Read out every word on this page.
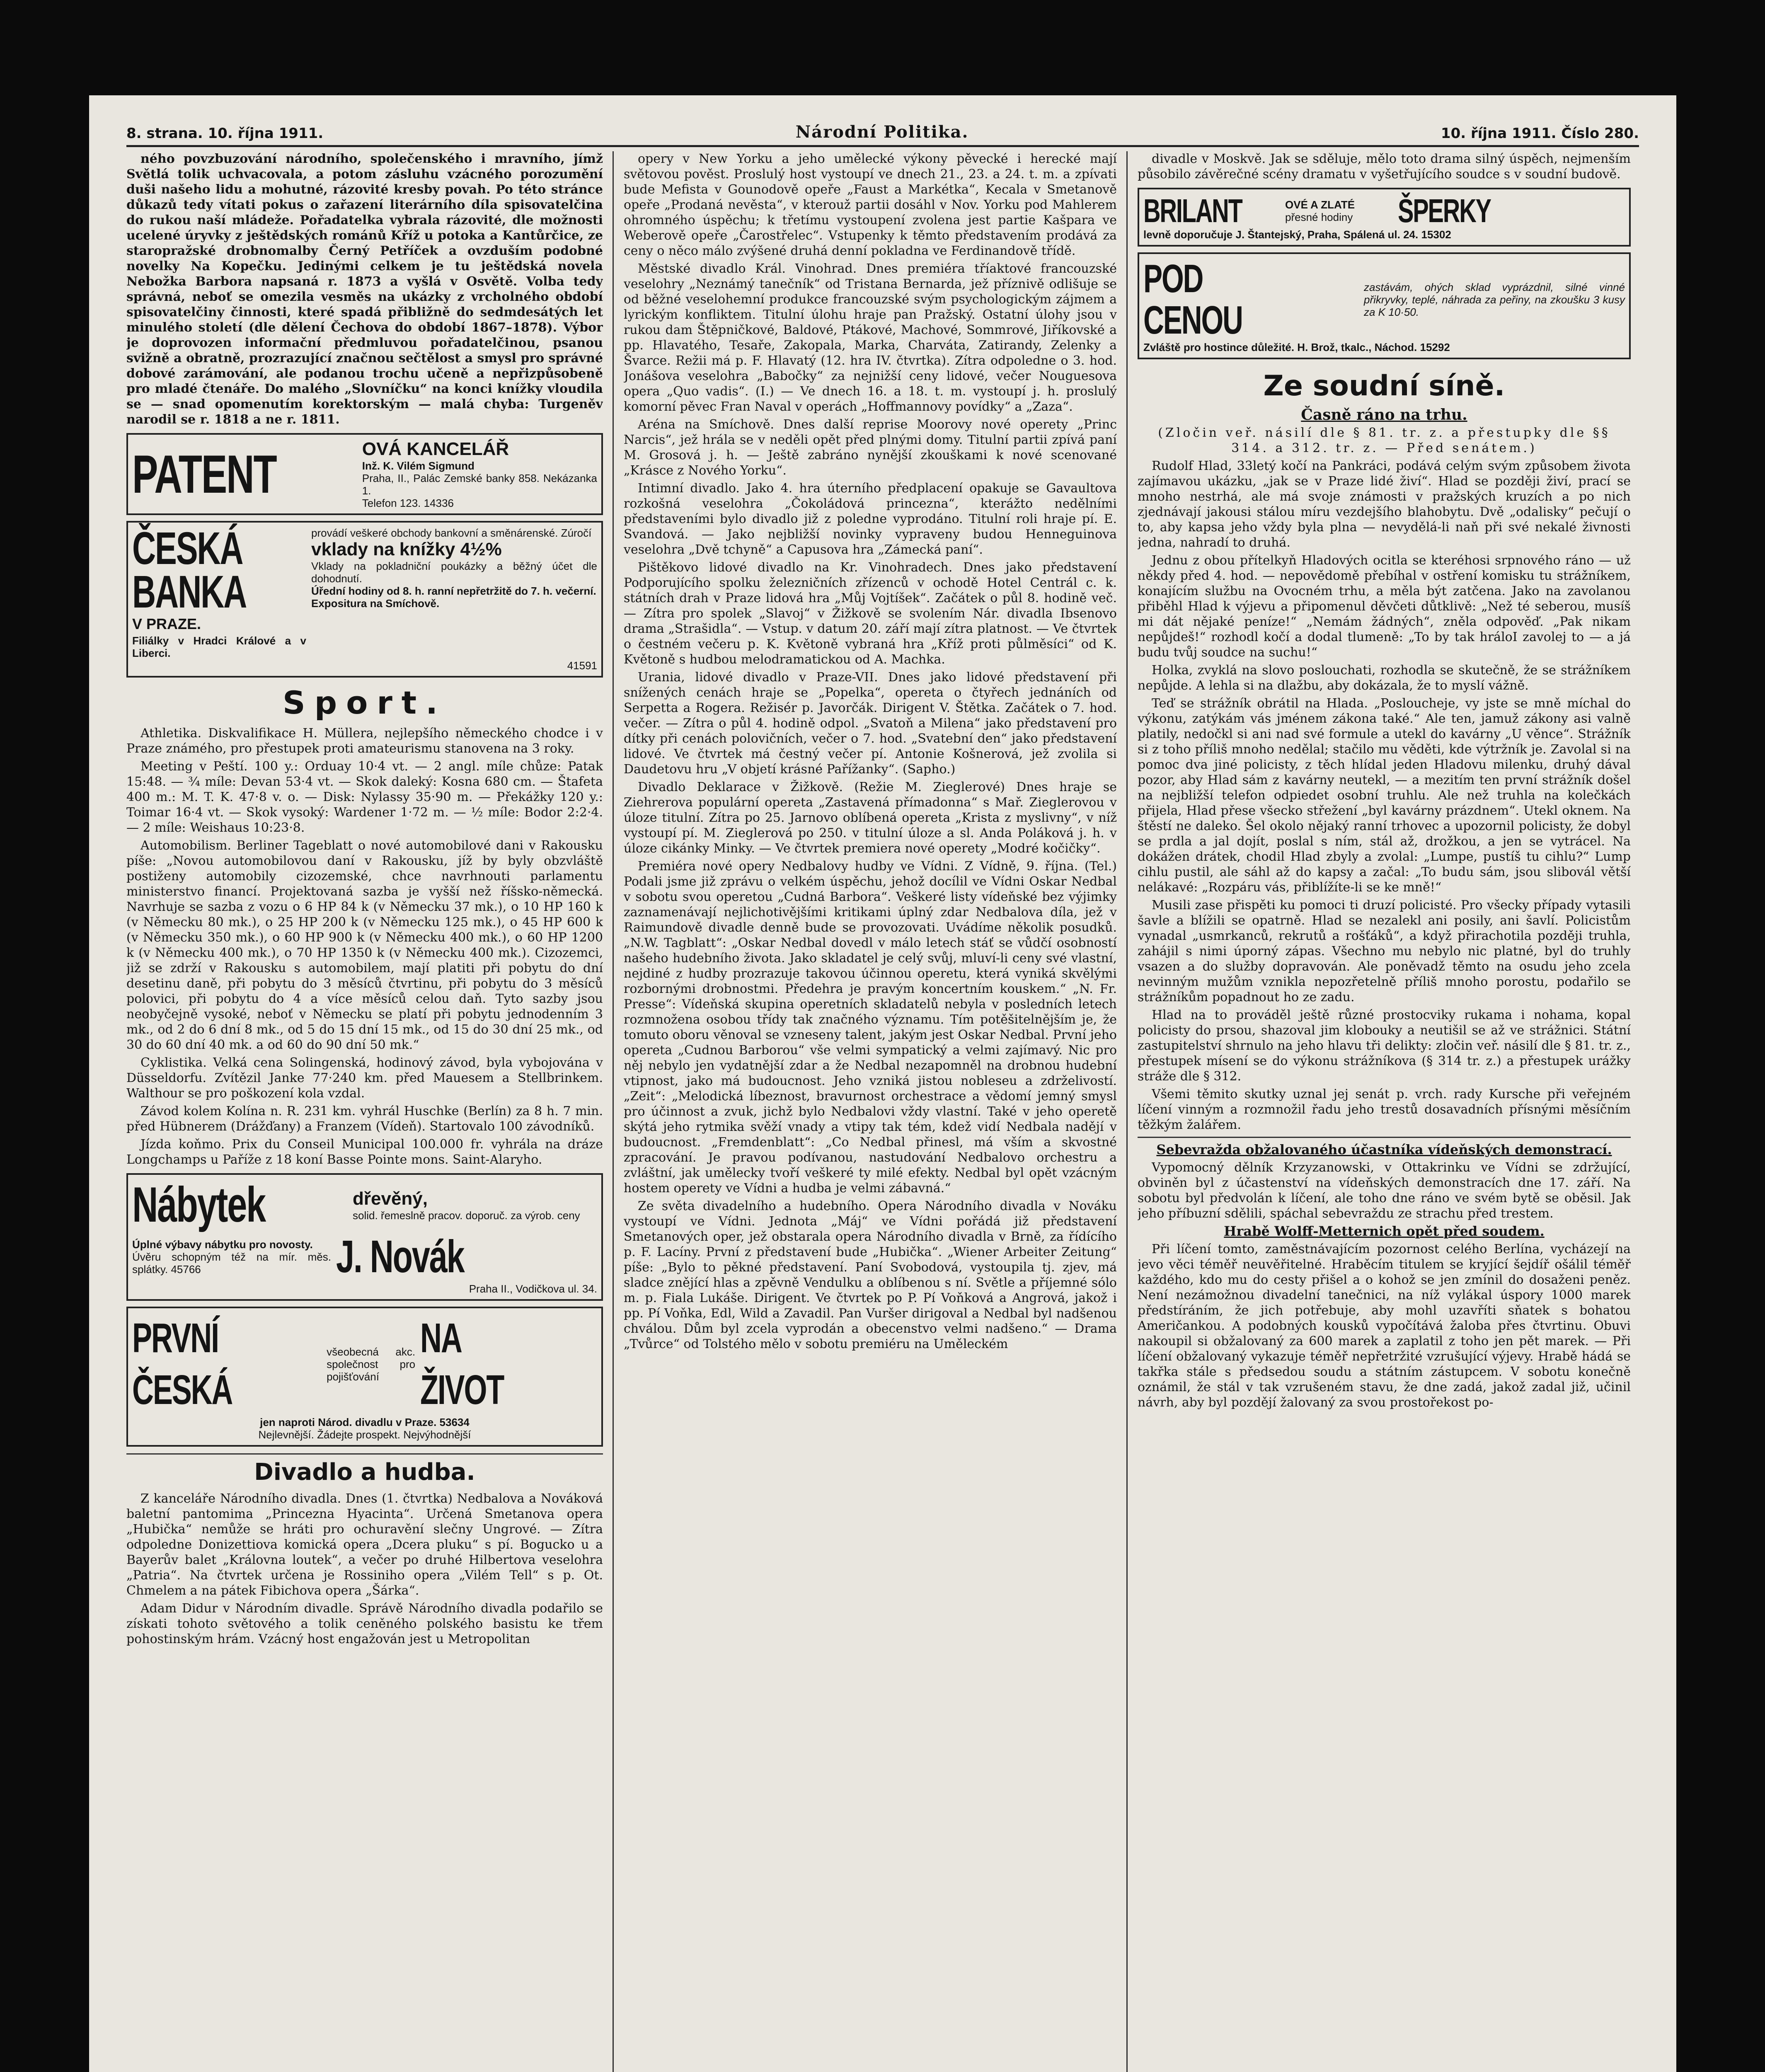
8. strana. 10. října 1911.	Národní Politika.	10. října 1911. Číslo 280.

ného povzbuzování národního, společenského i mravního, jímž Světlá tolik uchvacovala, a potom zásluhu vzácného porozumění duši našeho lidu a mohutné, rázovité kresby povah. Po této stránce důkazů tedy vítati pokus o zařazení literárního díla spisovatelčina do rukou naší mládeže. Pořadatelka vybrala rázovité, dle možnosti ucelené úryvky z ještědských románů Kříž u potoka a Kantůrčice, ze staropražské drobnomalby Černý Petříček a ovzduším podobné novelky Na Kopečku. Jedinými celkem je tu ještědská novela Nebožka Barbora napsaná r. 1873 a vyšlá v Osvětě. Volba tedy správná, neboť se omezila vesměs na ukázky z vrcholného období spisovatelčiny činnosti, které spadá přibližně do sedmdesátých let minulého století (dle dělení Čechova do období 1867–1878). Výbor je doprovozen informační předmluvou pořadatelčinou, psanou svižně a obratně, prozrazující značnou sečtělost a smysl pro správné dobové zarámování, ale podanou trochu učeně a nepřizpůsobeně pro mladé čtenáře. Do malého „Slovníčku“ na konci knížky vloudila se — snad opomenutím korektorským — malá chyba: Turgeněv narodil se r. 1818 a ne r. 1811.

PATENT	OVÁ KANCELÁŘ
Inž. K. Vilém Sigmund
Praha, II., Palác Zemské banky 858. Nekázanka 1.
Telefon 123. 14336
ČESKÁ BANKA
V PRAZE.
Filiálky v Hradci Králové a v Liberci.
provádí veškeré obchody bankovní a směnárenské. Zúročí
vklady na knížky 4½%
Vklady na pokladniční poukázky a běžný účet dle dohodnutí.
Úřední hodiny od 8. h. ranní nepřetržitě do 7. h. večerní.
Expositura na Smíchově.
41591
Sport.

Athletika. Diskvalifikace H. Müllera, nejlepšího německého chodce i v Praze známého, pro přestupek proti amateurismu stanovena na 3 roky.

Meeting v Peští. 100 y.: Orduay 10·4 vt. — 2 angl. míle chůze: Patak 15:48. — ¾ míle: Devan 53·4 vt. — Skok daleký: Kosna 680 cm. — Štafeta 400 m.: M. T. K. 47·8 v. o. — Disk: Nylassy 35·90 m. — Překážky 120 y.: Toimar 16·4 vt. — Skok vysoký: Wardener 1·72 m. — ½ míle: Bodor 2:2·4. — 2 míle: Weishaus 10:23·8.

Automobilism. Berliner Tageblatt o nové automobilové dani v Rakousku píše: „Novou automobilovou daní v Rakousku, jíž by byly obzvláště postiženy automobily cizozemské, chce navrhnouti parlamentu ministerstvo financí. Projektovaná sazba je vyšší než říšsko-německá. Navrhuje se sazba z vozu o 6 HP 84 k (v Německu 37 mk.), o 10 HP 160 k (v Německu 80 mk.), o 25 HP 200 k (v Německu 125 mk.), o 45 HP 600 k (v Německu 350 mk.), o 60 HP 900 k (v Německu 400 mk.), o 60 HP 1200 k (v Německu 400 mk.), o 70 HP 1350 k (v Německu 400 mk.). Cizozemci, již se zdrží v Rakousku s automobilem, mají platiti při pobytu do dní desetinu daně, při pobytu do 3 měsíců čtvrtinu, při pobytu do 3 měsíců polovici, při pobytu do 4 a více měsíců celou daň. Tyto sazby jsou neobyčejně vysoké, neboť v Německu se platí při pobytu jednodenním 3 mk., od 2 do 6 dní 8 mk., od 5 do 15 dní 15 mk., od 15 do 30 dní 25 mk., od 30 do 60 dní 40 mk. a od 60 do 90 dní 50 mk.“

Cyklistika. Velká cena Solingenská, hodinový závod, byla vybojována v Düsseldorfu. Zvítězil Janke 77·240 km. před Mauesem a Stellbrinkem. Walthour se pro poškození kola vzdal.

Závod kolem Kolína n. R. 231 km. vyhrál Huschke (Berlín) za 8 h. 7 min. před Hübnerem (Drážďany) a Franzem (Vídeň). Startovalo 100 závodníků.

Jízda koňmo. Prix du Conseil Municipal 100.000 fr. vyhrála na dráze Longchamps u Paříže z 18 koní Basse Pointe mons. Saint-Alaryho.

Nábytek	dřevěný,
solid. řemeslně pracov. doporuč. za výrob. ceny
Úplné výbavy nábytku pro novosty.
Úvěru schopným též na mír. měs. splátky. 45766	J. Novák
Praha II., Vodičkova ul. 34.
PRVNÍ ČESKÁ
všeobecná akc. společnost pro pojišťování
NA ŽIVOT
jen naproti Národ. divadlu v Praze. 53634
Nejlevnější. Žádejte prospekt. Nejvýhodnější
Divadlo a hudba.

Z kanceláře Národního divadla. Dnes (1. čtvrtka) Nedbalova a Nováková baletní pantomima „Princezna Hyacinta“. Určená Smetanova opera „Hubička“ nemůže se hráti pro ochuravění slečny Ungrové. — Zítra odpoledne Donizettiova komická opera „Dcera pluku“ s pí. Bogucko u a Bayerův balet „Královna loutek“, a večer po druhé Hilbertova veselohra „Patria“. Na čtvrtek určena je Rossiniho opera „Vilém Tell“ s p. Ot. Chmelem a na pátek Fibichova opera „Šárka“.

Adam Didur v Národním divadle. Správě Národního divadla podařilo se získati tohoto světového a tolik ceněného polského basistu ke třem pohostinským hrám. Vzácný host engažován jest u Metropolitan

opery v New Yorku a jeho umělecké výkony pěvecké i herecké mají světovou pověst. Proslulý host vystoupí ve dnech 21., 23. a 24. t. m. a zpívati bude Mefista v Gounodově opeře „Faust a Markétka“, Kecala v Smetanově opeře „Prodaná nevěsta“, v kterouž partii dosáhl v Nov. Yorku pod Mahlerem ohromného úspěchu; k třetímu vystoupení zvolena jest partie Kašpara ve Weberově opeře „Čarostřelec“. Vstupenky k těmto představením prodává za ceny o něco málo zvýšené druhá denní pokladna ve Ferdinandově třídě.

Městské divadlo Král. Vinohrad. Dnes premiéra tříaktové francouzské veselohry „Neznámý tanečník“ od Tristana Bernarda, jež příznivě odlišuje se od běžné veselohemní produkce francouzské svým psychologickým zájmem a lyrickým konfliktem. Titulní úlohu hraje pan Pražský. Ostatní úlohy jsou v rukou dam Štěpničkové, Baldové, Ptákové, Machové, Sommrové, Jiříkovské a pp. Hlavatého, Tesaře, Zakopala, Marka, Charváta, Zatirandy, Zelenky a Švarce. Režii má p. F. Hlavatý (12. hra IV. čtvrtka). Zítra odpoledne o 3. hod. Jonášova veselohra „Babočky“ za nejnižší ceny lidové, večer Nouguesova opera „Quo vadis“. (I.) — Ve dnech 16. a 18. t. m. vystoupí j. h. proslulý komorní pěvec Fran Naval v operách „Hoffmannovy povídky“ a „Zaza“.

Aréna na Smíchově. Dnes další reprise Moorovy nové operety „Princ Narcis“, jež hrála se v neděli opět před plnými domy. Titulní partii zpívá paní M. Grosová j. h. — Ještě zabráno nynější zkouškami k nové scenované „Krásce z Nového Yorku“.

Intimní divadlo. Jako 4. hra úterního předplacení opakuje se Gavaultova rozkošná veselohra „Čokoládová princezna“, kterážto nedělními představeními bylo divadlo již z poledne vyprodáno. Titulní roli hraje pí. E. Svandová. — Jako nejbližší novinky vypraveny budou Henneguinova veselohra „Dvě tchyně“ a Capusova hra „Zámecká paní“.

Pištěkovo lidové divadlo na Kr. Vinohradech. Dnes jako představení Podporujícího spolku železničních zřízenců v ochodě Hotel Centrál c. k. státních drah v Praze lidová hra „Můj Vojtíšek“. Začátek o půl 8. hodině več. — Zítra pro spolek „Slavoj“ v Žižkově se svolením Nár. divadla Ibsenovo drama „Strašidla“. — Vstup. v datum 20. září mají zítra platnost. — Ve čtvrtek o čestném večeru p. K. Květoně vybraná hra „Kříž proti půlměsíci“ od K. Květoně s hudbou melodramatickou od A. Machka.

Urania, lidové divadlo v Praze-VII. Dnes jako lidové představení při snížených cenách hraje se „Popelka“, opereta o čtyřech jednáních od Serpetta a Rogera. Režisér p. Javorčák. Dirigent V. Štětka. Začátek o 7. hod. večer. — Zítra o půl 4. hodině odpol. „Svatoň a Milena“ jako představení pro dítky při cenách polovičních, večer o 7. hod. „Svatební den“ jako představení lidové. Ve čtvrtek má čestný večer pí. Antonie Košnerová, jež zvolila si Daudetovu hru „V objetí krásné Pařížanky“. (Sapho.)

Divadlo Deklarace v Žižkově. (Režie M. Zieglerové) Dnes hraje se Ziehrerova populární opereta „Zastavená přímadonna“ s Mař. Zieglerovou v úloze titulní. Zítra po 25. Jarnovo oblíbená opereta „Krista z myslivny“, v níž vystoupí pí. M. Zieglerová po 250. v titulní úloze a sl. Anda Poláková j. h. v úloze cikánky Minky. — Ve čtvrtek premiera nové operety „Modré kočičky“.

Premiéra nové opery Nedbalovy hudby ve Vídni. Z Vídně, 9. října. (Tel.) Podali jsme již zprávu o velkém úspěchu, jehož docílil ve Vídni Oskar Nedbal v sobotu svou operetou „Cudná Barbora“. Veškeré listy vídeňské bez výjimky zaznamenávají nejlichotivějšími kritikami úplný zdar Nedbalova díla, jež v Raimundově divadle denně bude se provozovati. Uvádíme několik posudků. „N.W. Tagblatt“: „Oskar Nedbal dovedl v málo letech stáť se vůdčí osobností našeho hudebního života. Jako skladatel je celý svůj, mluví-li ceny své vlastní, nejdiné z hudby prozrazuje takovou účinnou operetu, která vyniká skvělými rozbornými drobnostmi. Předehra je pravým koncertním kouskem.“ „N. Fr. Presse“: Vídeňská skupina operetních skladatelů nebyla v posledních letech rozmnožena osobou třídy tak značného významu. Tím potěšitelnějším je, že tomuto oboru věnoval se vzneseny talent, jakým jest Oskar Nedbal. První jeho opereta „Cudnou Barborou“ vše velmi sympatický a velmi zajímavý. Nic pro něj nebylo jen vydatnější zdar a že Nedbal nezapomněl na drobnou hudební vtipnost, jako má budoucnost. Jeho vzniká jistou nobleseu a zdrželivostí. „Zeit“: „Melodická líbeznost, bravurnost orchestrace a vědomí jemný smysl pro účinnost a zvuk, jichž bylo Nedbalovi vždy vlastní. Také v jeho operetě skýtá jeho rytmika svěží vnady a vtipy tak tém, kdež vidí Nedbala nadějí v budoucnost. „Fremdenblatt“: „Co Nedbal přinesl, má vším a skvostné zpracování. Je pravou podívanou, nastudování Nedbalovo orchestru a zvláštní, jak umělecky tvoří veškeré ty milé efekty. Nedbal byl opět vzácným hostem operety ve Vídni a hudba je velmi zábavná.“

Ze světa divadelního a hudebního. Opera Národního divadla v Nováku vystoupí ve Vídni. Jednota „Máj“ ve Vídni pořádá již představení Smetanových oper, jež obstarala opera Národního divadla v Brně, za řídícího p. F. Lacíny. První z představení bude „Hubička“. „Wiener Arbeiter Zeitung“ píše: „Bylo to pěkné představení. Paní Svobodová, vystoupila tj. zjev, má sladce znějící hlas a zpěvně Vendulku a oblíbenou s ní. Světle a příjemné sólo m. p. Fiala Lukáše. Dirigent. Ve čtvrtek po P. Pí Voňková a Angrová, jakož i pp. Pí Voňka, Edl, Wild a Zavadil. Pan Vuršer dirigoval a Nedbal byl nadšenou chválou. Dům byl zcela vyprodán a obecenstvo velmi nadšeno.“ — Drama „Tvůrce“ od Tolstého mělo v sobotu premiéru na Uměleckém

divadle v Moskvě. Jak se sděluje, mělo toto drama silný úspěch, nejmenším působilo závěrečné scény dramatu v vyšetřujícího soudce s v soudní budově.

BRILANT	OVÉ A ZLATÉ
přesné hodiny	ŠPERKY
levně doporučuje J. Štantejský, Praha, Spálená ul. 24. 15302
POD CENOU
zastávám, ohých sklad vyprázdnil, silné vinné přikryvky, teplé, náhrada za peřiny, na zkoušku 3 kusy za K 10·50.
Zvláště pro hostince důležité. H. Brož, tkalc., Náchod. 15292
Ze soudní síně.
Časně ráno na trhu.

(Zločin veř. násilí dle § 81. tr. z. a přestupky dle §§ 314. a 312. tr. z. — Před senátem.)

Rudolf Hlad, 33letý kočí na Pankráci, podává celým svým způsobem života zajímavou ukázku, „jak se v Praze lidé živí“. Hlad se později živí, prací se mnoho nestrhá, ale má svoje známosti v pražských kruzích a po nich zjednávají jakousi stálou míru vezdejšího blahobytu. Dvě „odalisky“ pečují o to, aby kapsa jeho vždy byla plna — nevydělá-li naň při své nekalé živnosti jedna, nahradí to druhá.

Jednu z obou přítelkyň Hladových ocitla se kteréhosi srpnového ráno — už někdy před 4. hod. — nepovědomě přebíhal v ostření komisku tu strážníkem, konajícím službu na Ovocném trhu, a měla být zatčena. Jako na zavolanou přiběhl Hlad k výjevu a připomenul děvčeti důtklivě: „Než té seberou, musíš mi dát nějaké peníze!“ „Nemám žádných“, zněla odpověď. „Pak nikam nepůjdeš!“ rozhodl kočí a dodal tlumeně: „To by tak hráloI zavolej to — a já budu tvůj soudce na suchu!“

Holka, zvyklá na slovo poslouchati, rozhodla se skutečně, že se strážníkem nepůjde. A lehla si na dlažbu, aby dokázala, že to myslí vážně.

Teď se strážník obrátil na Hlada. „Posloucheje, vy jste se mně míchal do výkonu, zatýkám vás jménem zákona také.“ Ale ten, jamuž zákony asi valně platily, nedočkl si ani nad své formule a utekl do kavárny „U věnce“. Strážník si z toho příliš mnoho nedělal; stačilo mu věděti, kde výtržník je. Zavolal si na pomoc dva jiné policisty, z těch hlídal jeden Hladovu milenku, druhý dával pozor, aby Hlad sám z kavárny neutekl, — a mezitím ten první strážník došel na nejbližší telefon odpiedet osobní truhlu. Ale než truhla na kolečkách přijela, Hlad přese všecko střežení „byl kavárny prázdnem“. Utekl oknem. Na štěstí ne daleko. Šel okolo nějaký ranní trhovec a upozornil policisty, že dobyl se prdla a jal dojít, poslal s ním, stál až, drožkou, a jen se vytrácel. Na dokážen drátek, chodil Hlad zbyly a zvolal: „Lumpe, pustíš tu cihlu?“ Lump cihlu pustil, ale sáhl až do kapsy a začal: „To budu sám, jsou slibovál větší nelákavé: „Rozpáru vás, přiblížíte-li se ke mně!“

Musili zase přispěti ku pomoci ti druzí policisté. Pro všecky případy vytasili šavle a blížili se opatrně. Hlad se nezalekl ani posily, ani šavlí. Policistům vynadal „usmrkanců, rekrutů a rošťáků“, a když přirachotila později truhla, zahájil s nimi úporný zápas. Všechno mu nebylo nic platné, byl do truhly vsazen a do služby dopravován. Ale poněvadž těmto na osudu jeho zcela nevinným mužům vznikla nepozřetelně příliš mnoho porostu, podařilo se strážníkům popadnout ho ze zadu.

Hlad na to prováděl ještě různé prostocviky rukama i nohama, kopal policisty do prsou, shazoval jim klobouky a neutišil se až ve strážnici. Státní zastupitelství shrnulo na jeho hlavu tři delikty: zločin veř. násilí dle § 81. tr. z., přestupek mísení se do výkonu strážníkova (§ 314 tr. z.) a přestupek urážky stráže dle § 312.

Všemi těmito skutky uznal jej senát p. vrch. rady Kursche při veřejném líčení vinným a rozmnožil řadu jeho trestů dosavadních přísnými měsíčním těžkým žalářem.

Sebevražda obžalovaného účastníka vídeňských demonstrací.

Vypomocný dělník Krzyzanowski, v Ottakrinku ve Vídni se zdržující, obviněn byl z účastenství na vídeňských demonstracích dne 17. září. Na sobotu byl předvolán k líčení, ale toho dne ráno ve svém bytě se oběsil. Jak jeho příbuzní sdělili, spáchal sebevraždu ze strachu před trestem.

Hrabě Wolff-Metternich opět před soudem.

Při líčení tomto, zaměstnávajícím pozornost celého Berlína, vycházejí na jevo věci téměř neuvěřitelné. Hraběcím titulem se kryjící šejdíř ošálil téměř každého, kdo mu do cesty přišel a o kohož se jen zmínil do dosaženi peněz. Není nezámožnou divadelní tanečnici, na níž vylákal úspory 1000 marek předstíráním, že jich potřebuje, aby mohl uzavříti sňatek s bohatou Američankou. A podobných kousků vypočítává žaloba přes čtvrtinu. Obuvi nakoupil si obžalovaný za 600 marek a zaplatil z toho jen pět marek. — Při líčení obžalovaný vykazuje téměř nepřetržité vzrušující výjevy. Hrabě hádá se takřka stále s předsedou soudu a státním zástupcem. V sobotu konečně oznámil, že stál v tak vzrušeném stavu, že dne zadá, jakož zadal již, učinil návrh, aby byl pozdějí žalovaný za svou prostořekost po-
